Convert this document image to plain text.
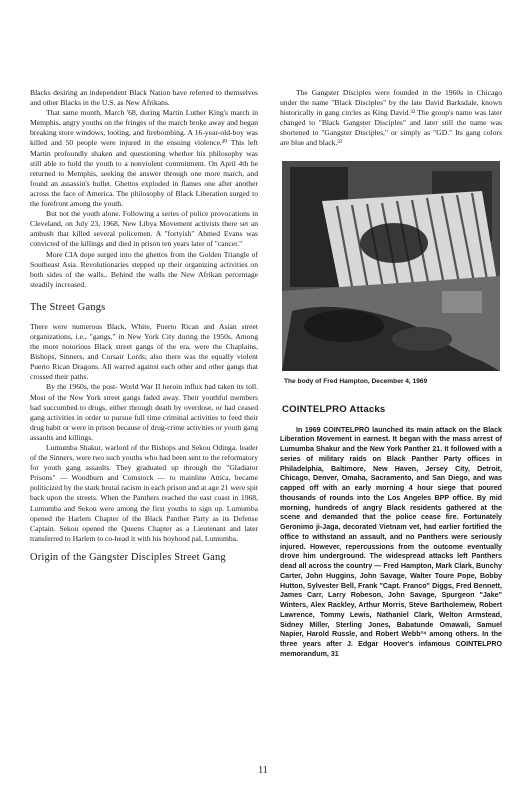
Blacks desiring an independent Black Nation have referred to themselves and other Blacks in the U.S. as New Afrikans.

That same month, March '68, during Martin Luther King's march in Memphis, angry youths on the fringes of the march broke away and began breaking store windows, looting, and firebombing. A 16-year-old-boy was killed and 50 people were injured in the ensuing violence.³⁰ This left Martin profoundly shaken and questioning whether his philosophy was still able to hold the youth to a nonviolent commitment. On April 4th he returned to Memphis, seeking the answer through one more march, and found an assassin's bullet. Ghettos exploded in flames one after another across the face of America. The philosophy of Black Liberation surged to the forefront among the youth.

But not the youth alone. Following a series of police provocations in Cleveland, on July 23, 1968, New Libya Movement activists there set an ambush that killed several policemen. A "fortyish" Ahmed Evans was convicted of the killings and died in prison ten years later of "cancer."

More CIA dope surged into the ghettos from the Golden Triangle of Southeast Asia. Revolutionaries stepped up their organizing activities on both sides of the walls.. Behind the walls the New Afrikan percentage steadily increased.

The Street Gangs

There were numerous Black, White, Puerto Rican and Asian street organizations, i.e., "gangs," in New York City during the 1950s. Among the more notorious Black street gangs of the era, were the Chaplains, Bishops, Sinners, and Corsair Lords; also there was the equally violent Puerto Rican Dragons. All warred against each other and other gangs that crossed their paths.

By the 1960s, the post- World War II heroin influx had taken its toll. Most of the New York street gangs faded away. Their youthful members had succumbed to drugs, either through death by overdose, or had ceased gang activities in order to pursue full time criminal activities to feed their drug habit or were in prison because of drug-crime activities or youth gang assaults and killings.

Lumumba Shakur, warlord of the Bishops and Sekou Odinga, leader of the Sinners, were two such youths who had been sent to the reformatory for youth gang assaults. They graduated up through the "Gladiator Prisons" — Woodburn and Comstock — to mainline Attica, became politicized by the stark brutal racism in each prison and at age 21 were spit back upon the streets. When the Panthers reached the east coast in 1968, Lumumba and Sekou were among the first youths to sign up. Lumumba opened the Harlem Chapter of the Black Panther Party as its Defense Captain. Sekou opened the Queens Chapter as a Lieutenant and later transferred to Harlem to co-head it with his boyhood pal, Lumumba.

Origin of the Gangster Disciples Street Gang

The Gangster Disciples were founded in the 1960s in Chicago under the name "Black Disciples" by the late David Barksdale, known historically in gang circles as King David.³² The group's name was later changed to "Black Gangster Disciples" and later still the name was shortened to "Gangster Disciples," or simply as "GD." Its gang colors are blue and black.³³

The body of Fred Hampton, December 4, 1969
COINTELPRO Attacks

In 1969 COINTELPRO launched its main attack on the Black Liberation Movement in earnest. It began with the mass arrest of Lumumba Shakur and the New York Panther 21. It followed with a series of military raids on Black Panther Party offices in Philadelphia, Baltimore, New Haven, Jersey City, Detroit, Chicago, Denver, Omaha, Sacramento, and San Diego, and was capped off with an early morning 4 hour siege that poured thousands of rounds into the Los Angeles BPP office. By mid morning, hundreds of angry Black residents gathered at the scene and demanded that the police cease fire. Fortunately Geronimo ji-Jaga, decorated Vietnam vet, had earlier fortified the office to withstand an assault, and no Panthers were seriously injured. However, repercussions from the outcome eventually drove him underground. The widespread attacks left Panthers dead all across the country — Fred Hampton, Mark Clark, Bunchy Carter, John Huggins, John Savage, Walter Toure Pope, Bobby Hutton, Sylvester Bell, Frank "Capt. Franco" Diggs, Fred Bennett, James Carr, Larry Robeson, John Savage, Spurgeon "Jake" Winters, Alex Rackley, Arthur Morris, Steve Bartholemew, Robert Lawrence, Tommy Lewis, Nathaniel Clark, Welton Armstead, Sidney Miller, Sterling Jones, Babatunde Omawali, Samuel Napier, Harold Russle, and Robert Webb³⁴ among others. In the three years after J. Edgar Hoover's infamous COINTELPRO memorandum, 31

11
